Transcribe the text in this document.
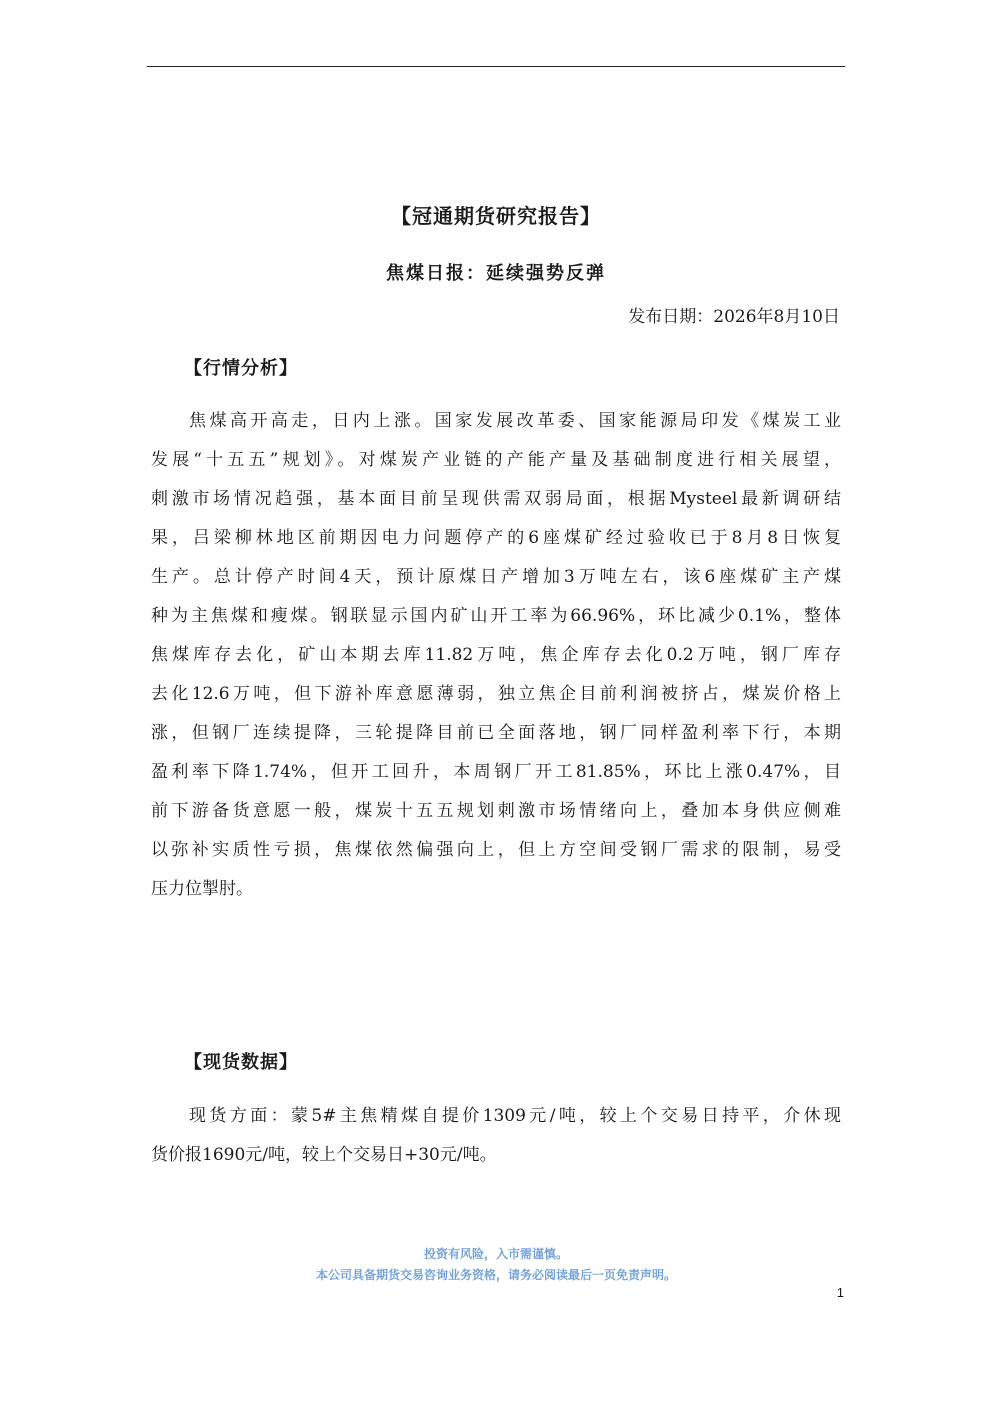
【冠通期货研究报告】
焦煤日报：延续强势反弹

发布日期：2026年8月10日

【行情分析】
焦煤高开高走，日内上涨。国家发展改革委、国家能源局印发《煤炭工业
发展“十五五”规划》。对煤炭产业链的产能产量及基础制度进行相关展望，
刺激市场情况趋强，基本面目前呈现供需双弱局面，根据Mysteel最新调研结
果，吕梁柳林地区前期因电力问题停产的6座煤矿经过验收已于8月8日恢复
生产。总计停产时间4天，预计原煤日产增加3万吨左右，该6座煤矿主产煤
种为主焦煤和瘦煤。钢联显示国内矿山开工率为66.96%，环比减少0.1%，整体
焦煤库存去化，矿山本期去库11.82万吨，焦企库存去化0.2万吨，钢厂库存
去化12.6万吨，但下游补库意愿薄弱，独立焦企目前利润被挤占，煤炭价格上
涨，但钢厂连续提降，三轮提降目前已全面落地，钢厂同样盈利率下行，本期
盈利率下降1.74%，但开工回升，本周钢厂开工81.85%，环比上涨0.47%，目
前下游备货意愿一般，煤炭十五五规划刺激市场情绪向上，叠加本身供应侧难
以弥补实质性亏损，焦煤依然偏强向上，但上方空间受钢厂需求的限制，易受
压力位掣肘。
【现货数据】
现货方面：蒙5#主焦精煤自提价1309元/吨，较上个交易日持平，介休现
货价报1690元/吨，较上个交易日+30元/吨。

投资有风险，入市需谨慎。

本公司具备期货交易咨询业务资格，请务必阅读最后一页免责声明。

1
